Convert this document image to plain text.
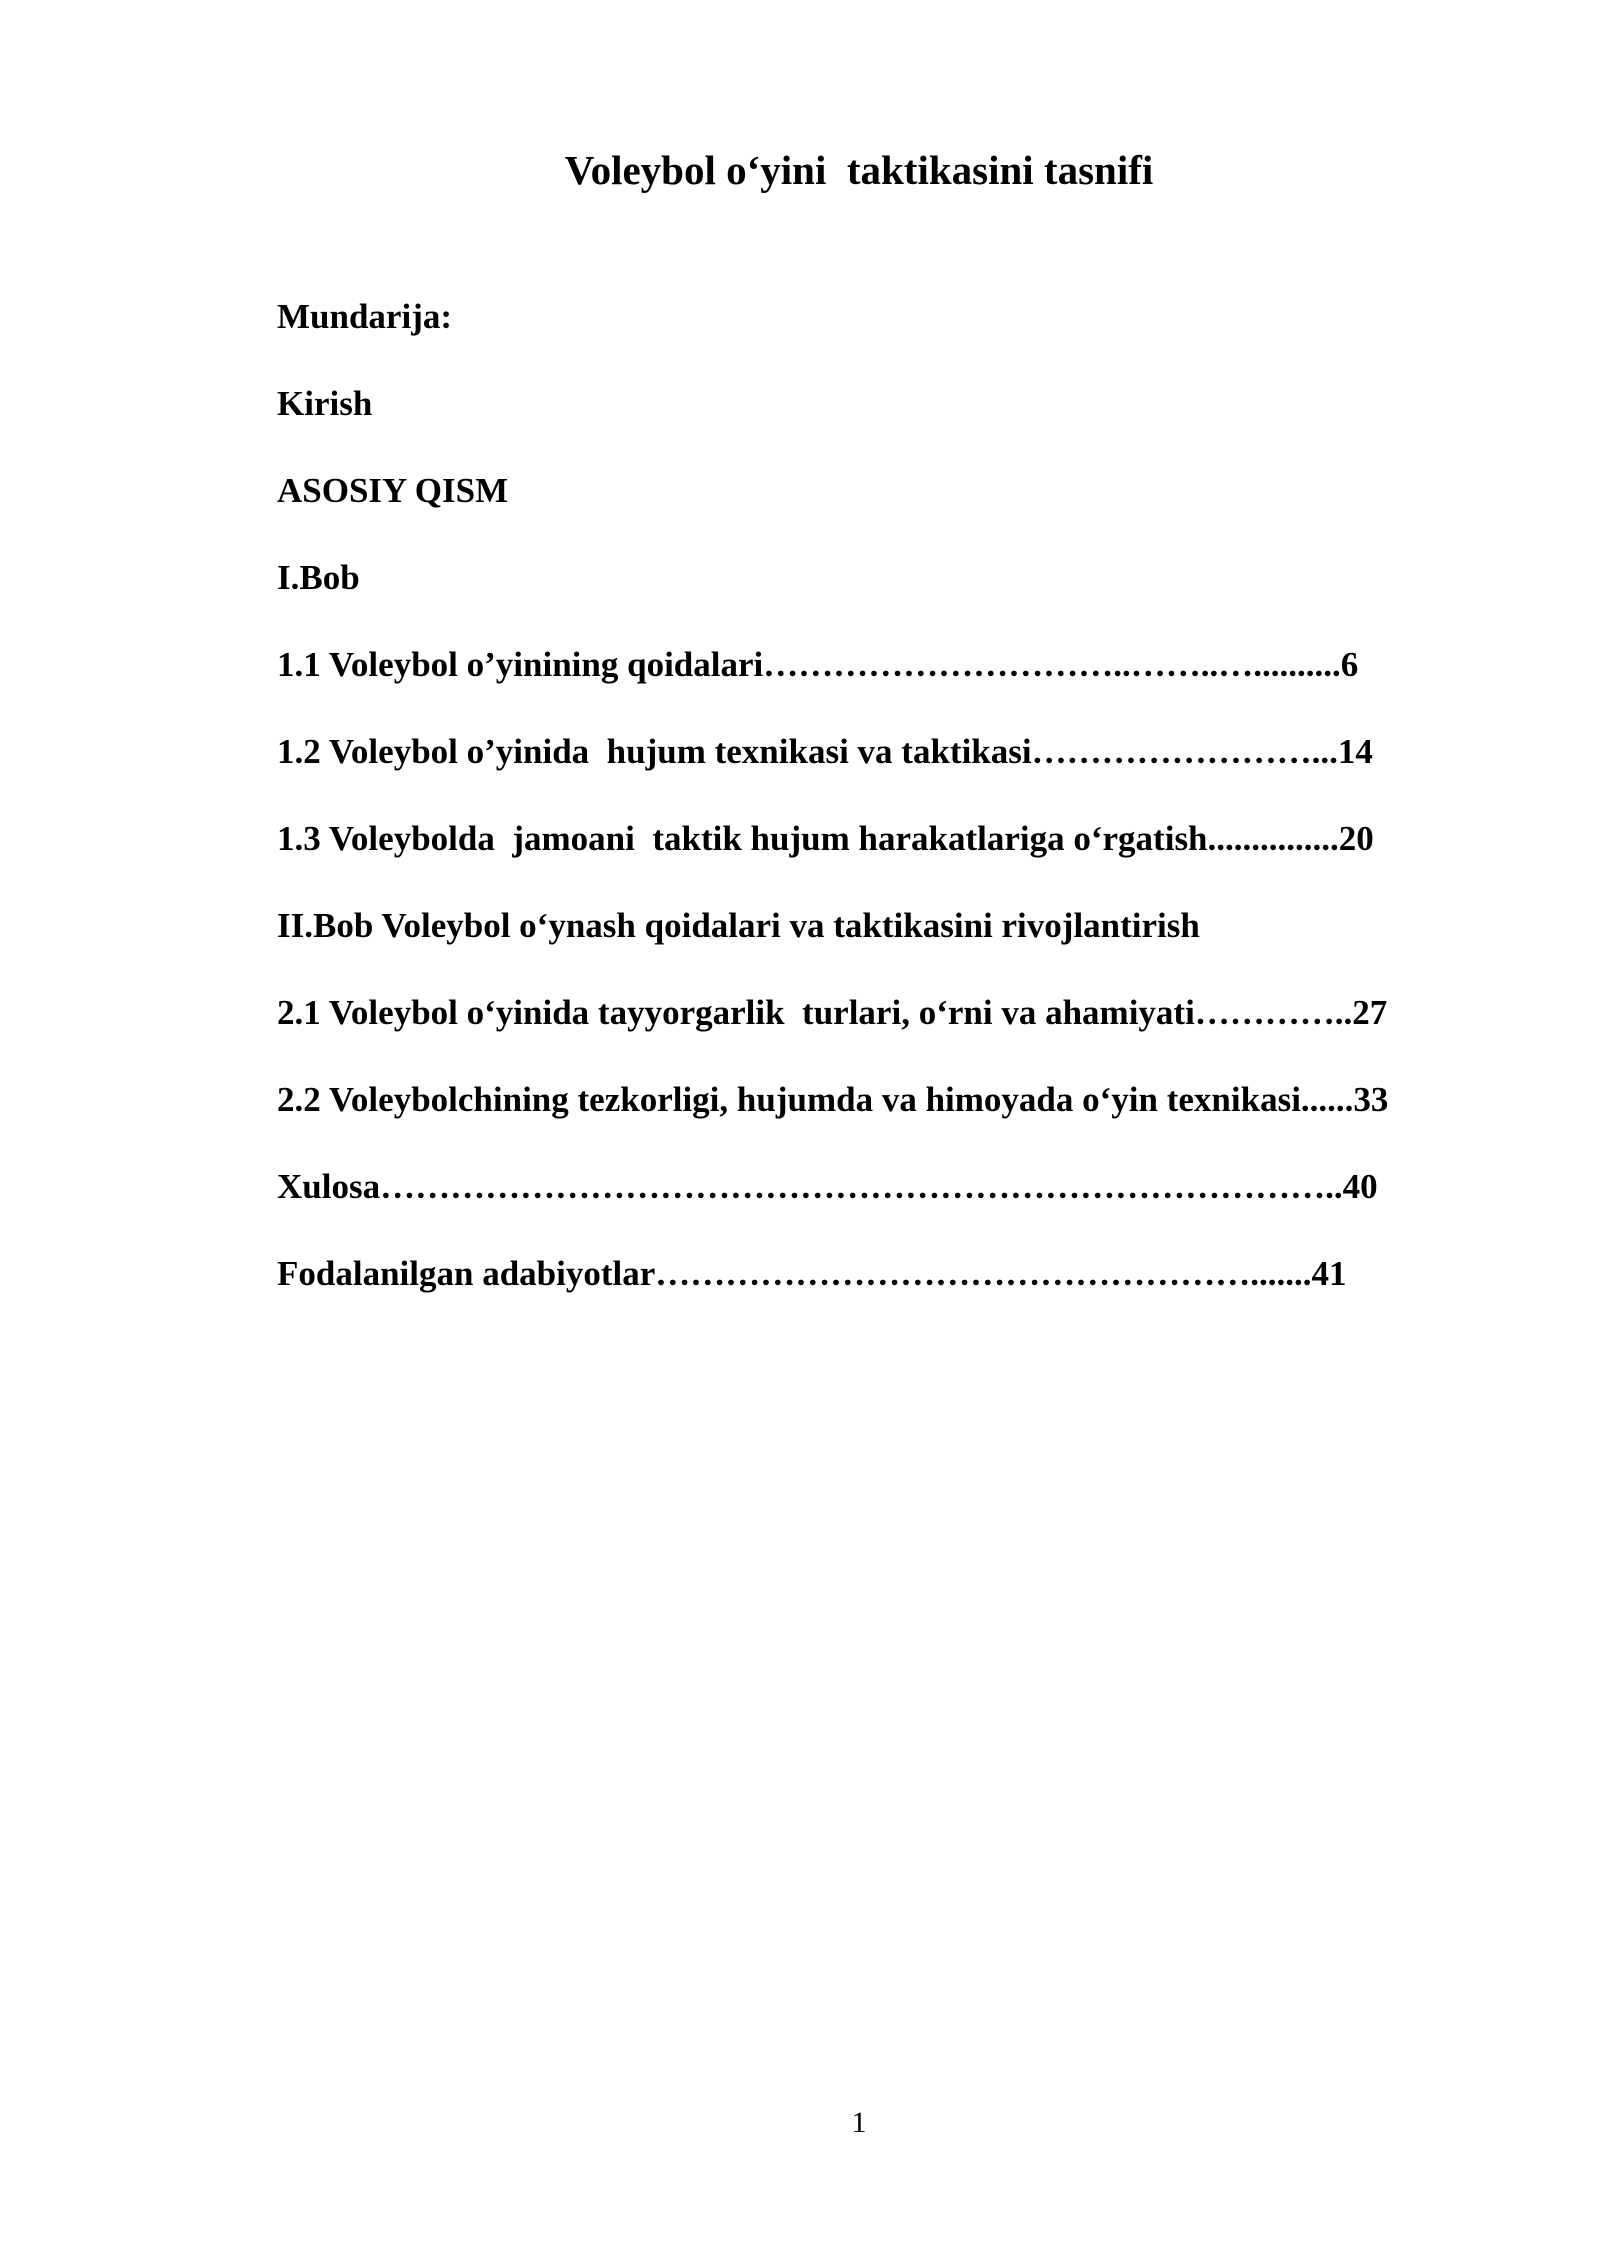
Voleybol o‘yini  taktikasini tasnifi
Mundarija:
Kirish
ASOSIY QISM
I.Bob
1.1 Voleybol o’yinining qoidalari…………………………..……..…..........6
1.2 Voleybol o’yinida  hujum texnikasi va taktikasi……………………...14
1.3 Voleybolda  jamoani  taktik hujum harakatlariga o‘rgatish...............20
II.Bob Voleybol o‘ynash qoidalari va taktikasini rivojlantirish
2.1 Voleybol o‘yinida tayyorgarlik  turlari, o‘rni va ahamiyati…………..27
2.2 Voleybolchining tezkorligi, hujumda va himoyada o‘yin texnikasi......33
Xulosa………………………………………………………………………..40
Fodalanilgan adabiyotlar…………………………………………….......41
1
